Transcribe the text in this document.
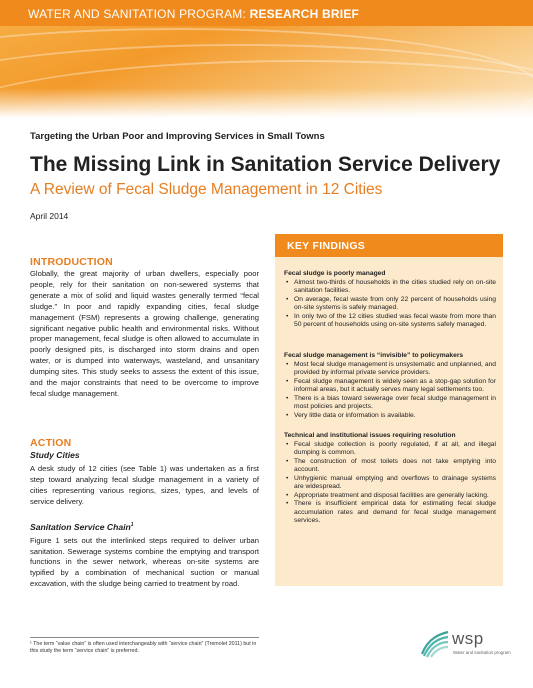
WATER AND SANITATION PROGRAM: RESEARCH BRIEF
Targeting the Urban Poor and Improving Services in Small Towns
The Missing Link in Sanitation Service Delivery
A Review of Fecal Sludge Management in 12 Cities
April 2014
INTRODUCTION

Globally, the great majority of urban dwellers, especially poor people, rely for their sanitation on non-sewered systems that generate a mix of solid and liquid wastes generally termed “fecal sludge.” In poor and rapidly expanding cities, fecal sludge management (FSM) represents a growing challenge, generating significant negative public health and environmental risks. Without proper management, fecal sludge is often allowed to accumulate in poorly designed pits, is discharged into storm drains and open water, or is dumped into waterways, wasteland, and unsanitary dumping sites. This study seeks to assess the extent of this issue, and the major constraints that need to be overcome to improve fecal sludge management.

ACTION
Study Cities

A desk study of 12 cities (see Table 1) was undertaken as a first step toward analyzing fecal sludge management in a variety of cities representing various regions, sizes, types, and levels of service delivery.

Sanitation Service Chain$^1$

Figure 1 sets out the interlinked steps required to deliver urban sanitation. Sewerage systems combine the emptying and transport functions in the sewer network, whereas on-site systems are typified by a combination of mechanical suction or manual excavation, with the sludge being carried to treatment by road.

¹ The term “value chain” is often used interchangeably with “service chain” (Tremolet 2011) but in this study the term “service chain” is preferred.
KEY FINDINGS
Fecal sludge is poorly managed
• Almost two-thirds of households in the cities studied rely on on-site sanitation facilities.
• On average, fecal waste from only 22 percent of households using on-site systems is safely managed.
• In only two of the 12 cities studied was fecal waste from more than 50 percent of households using on-site systems safely managed.
Fecal sludge management is “invisible” to policymakers
• Most fecal sludge management is unsystematic and unplanned, and provided by informal private service providers.
• Fecal sludge management is widely seen as a stop-gap solution for informal areas, but it actually serves many legal settlements too.
• There is a bias toward sewerage over fecal sludge management in most policies and projects.
• Very little data or information is available.
Technical and institutional issues requiring resolution
• Fecal sludge collection is poorly regulated, if at all, and illegal dumping is common.
• The construction of most toilets does not take emptying into account.
• Unhygienic manual emptying and overflows to drainage systems are widespread.
• Appropriate treatment and disposal facilities are generally lacking.
• There is insufficient empirical data for estimating fecal sludge accumulation rates and demand for fecal sludge management services.
wsp
Water and sanitation program
